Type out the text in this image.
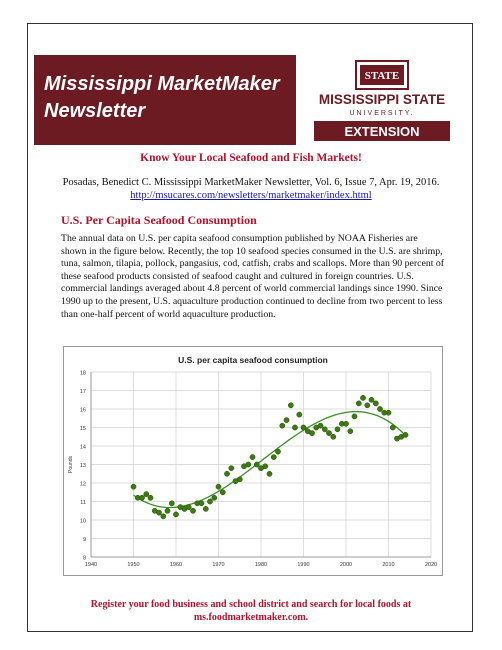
Mississippi MarketMaker
Newsletter
STATE
MISSISSIPPI STATE
UNIVERSITY.
EXTENSION
Know Your Local Seafood and Fish Markets!
Posadas, Benedict C. Mississippi MarketMaker Newsletter, Vol. 6, Issue 7, Apr. 19, 2016.
http://msucares.com/newsletters/marketmaker/index.html
U.S. Per Capita Seafood Consumption
The annual data on U.S. per capita seafood consumption published by NOAA Fisheries are shown in the figure below. Recently, the top 10 seafood species consumed in the U.S. are shrimp, tuna, salmon, tilapia, pollock, pangasius, cod, catfish, crabs and scallops. More than 90 percent of these seafood products consisted of seafood caught and cultured in foreign countries. U.S. commercial landings averaged about 4.8 percent of world commercial landings since 1990. Since 1990 up to the present, U.S. aquaculture production continued to decline from two percent to less than one-half percent of world aquaculture production.
U.S. per capita seafood consumption
8
9
10
11
12
13
14
15
16
17
18
1940	1950	1960	1970	1980	1990	2000	2010	2020
Pounds
Register your food business and school district and search for local foods at
ms.foodmarketmaker.com.
